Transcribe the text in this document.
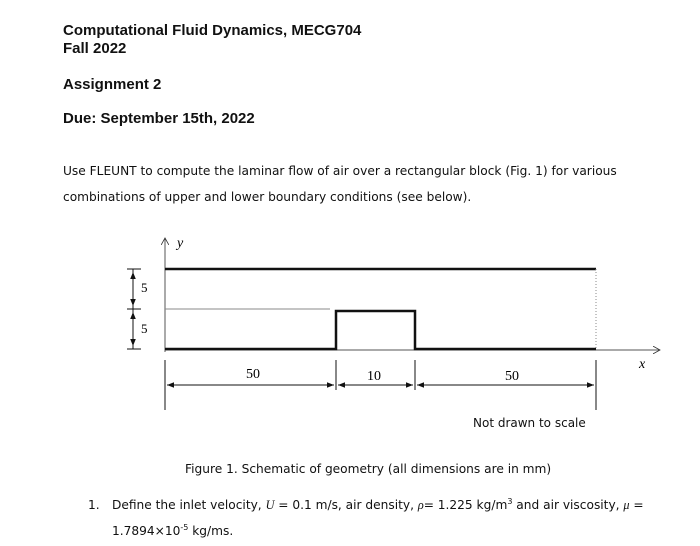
Computational Fluid Dynamics, MECG704

Fall 2022

Assignment 2

Due: September 15th, 2022

Use FLEUNT to compute the laminar flow of air over a rectangular block (Fig. 1) for various

combinations of upper and lower boundary conditions (see below).

y
x
5
5
50	10	50
Not drawn to scale

Figure 1. Schematic of geometry (all dimensions are in mm)

1. Define the inlet velocity, U = 0.1 m/s, air density, ρ= 1.225 $kg/m^3$ and air viscosity, μ =

$1.7894\times 10^{-5}$ kg/ms.
